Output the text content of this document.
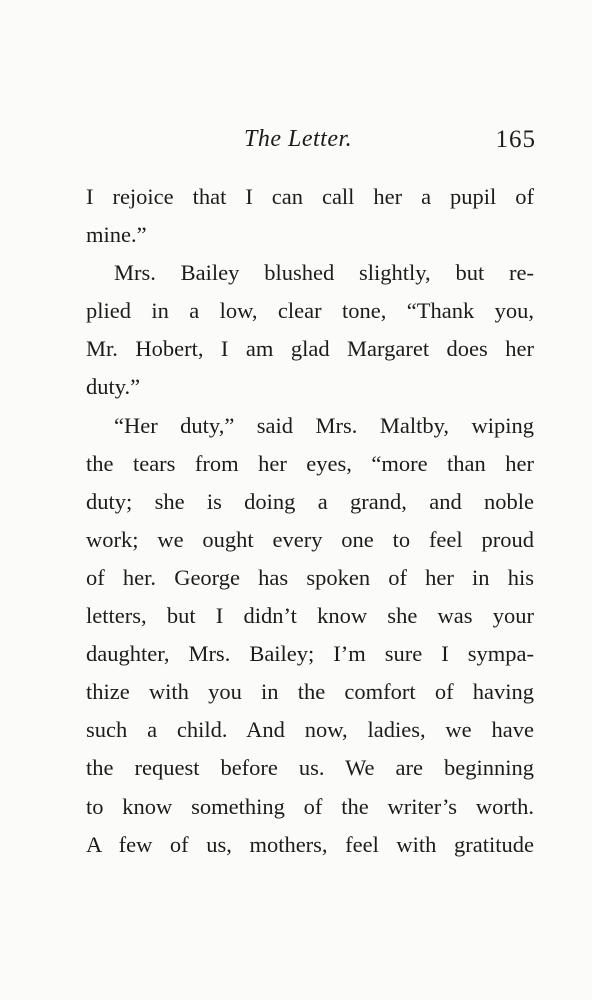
The Letter.	165
I rejoice that I can call her a pupil of
mine.”
Mrs. Bailey blushed slightly, but re-
plied in a low, clear tone, “Thank you,
Mr. Hobert, I am glad Margaret does her
duty.”
“Her duty,” said Mrs. Maltby, wiping
the tears from her eyes, “more than her
duty; she is doing a grand, and noble
work; we ought every one to feel proud
of her. George has spoken of her in his
letters, but I didn’t know she was your
daughter, Mrs. Bailey; I’m sure I sympa-
thize with you in the comfort of having
such a child. And now, ladies, we have
the request before us. We are beginning
to know something of the writer’s worth.
A few of us, mothers, feel with gratitude
